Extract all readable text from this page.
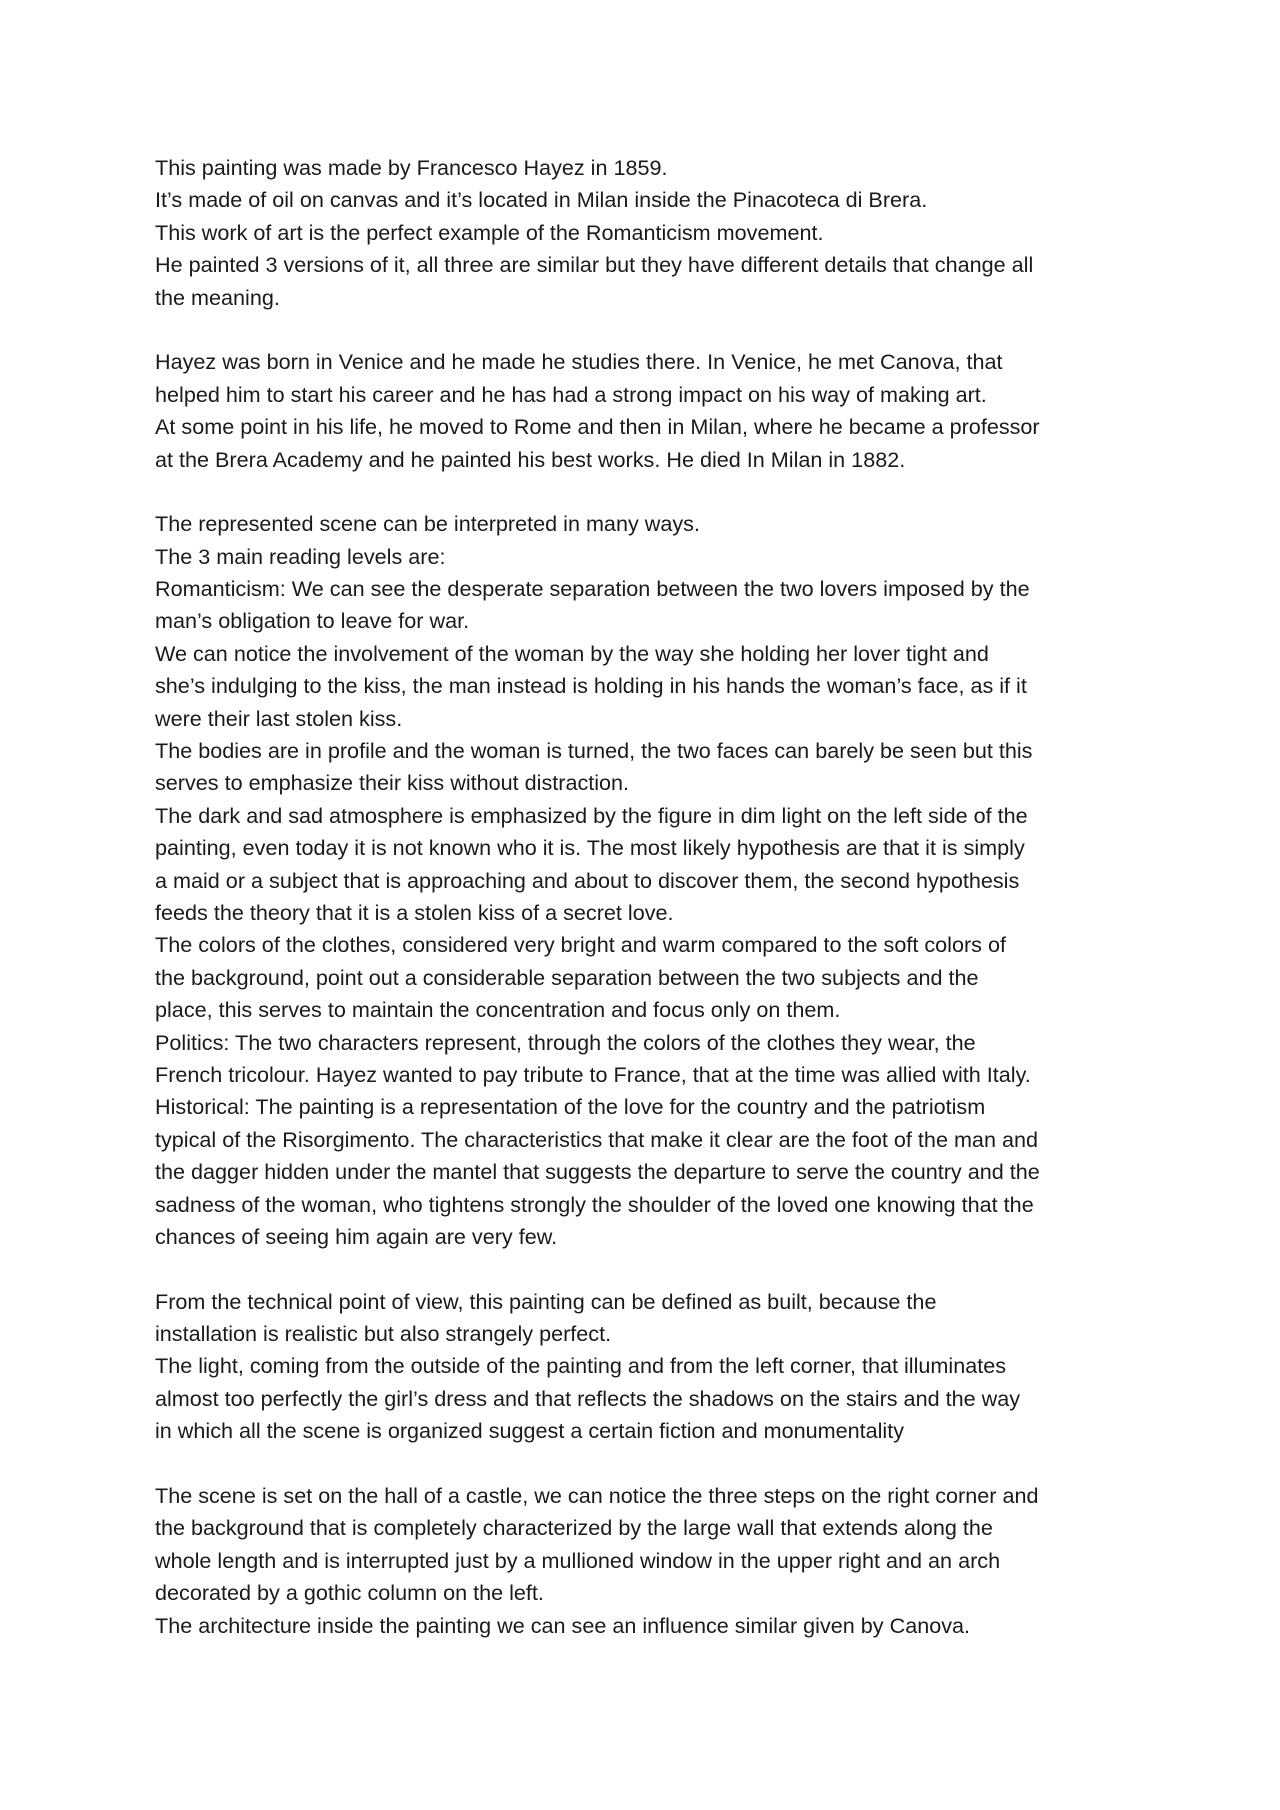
This painting was made by Francesco Hayez in 1859.
It’s made of oil on canvas and it’s located in Milan inside the Pinacoteca di Brera.
This work of art is the perfect example of the Romanticism movement.
He painted 3 versions of it, all three are similar but they have different details that change all
the meaning.
Hayez was born in Venice and he made he studies there. In Venice, he met Canova, that
helped him to start his career and he has had a strong impact on his way of making art.
At some point in his life, he moved to Rome and then in Milan, where he became a professor
at the Brera Academy and he painted his best works. He died In Milan in 1882.
The represented scene can be interpreted in many ways.
The 3 main reading levels are:
Romanticism: We can see the desperate separation between the two lovers imposed by the
man’s obligation to leave for war.
We can notice the involvement of the woman by the way she holding her lover tight and
she’s indulging to the kiss, the man instead is holding in his hands the woman’s face, as if it
were their last stolen kiss.
The bodies are in profile and the woman is turned, the two faces can barely be seen but this
serves to emphasize their kiss without distraction.
The dark and sad atmosphere is emphasized by the figure in dim light on the left side of the
painting, even today it is not known who it is. The most likely hypothesis are that it is simply
a maid or a subject that is approaching and about to discover them, the second hypothesis
feeds the theory that it is a stolen kiss of a secret love.
The colors of the clothes, considered very bright and warm compared to the soft colors of
the background, point out a considerable separation between the two subjects and the
place, this serves to maintain the concentration and focus only on them.
Politics: The two characters represent, through the colors of the clothes they wear, the
French tricolour. Hayez wanted to pay tribute to France, that at the time was allied with Italy.
Historical: The painting is a representation of the love for the country and the patriotism
typical of the Risorgimento. The characteristics that make it clear are the foot of the man and
the dagger hidden under the mantel that suggests the departure to serve the country and the
sadness of the woman, who tightens strongly the shoulder of the loved one knowing that the
chances of seeing him again are very few.
From the technical point of view, this painting can be defined as built, because the
installation is realistic but also strangely perfect.
The light, coming from the outside of the painting and from the left corner, that illuminates
almost too perfectly the girl’s dress and that reflects the shadows on the stairs and the way
in which all the scene is organized suggest a certain fiction and monumentality
The scene is set on the hall of a castle, we can notice the three steps on the right corner and
the background that is completely characterized by the large wall that extends along the
whole length and is interrupted just by a mullioned window in the upper right and an arch
decorated by a gothic column on the left.
The architecture inside the painting we can see an influence similar given by Canova.
